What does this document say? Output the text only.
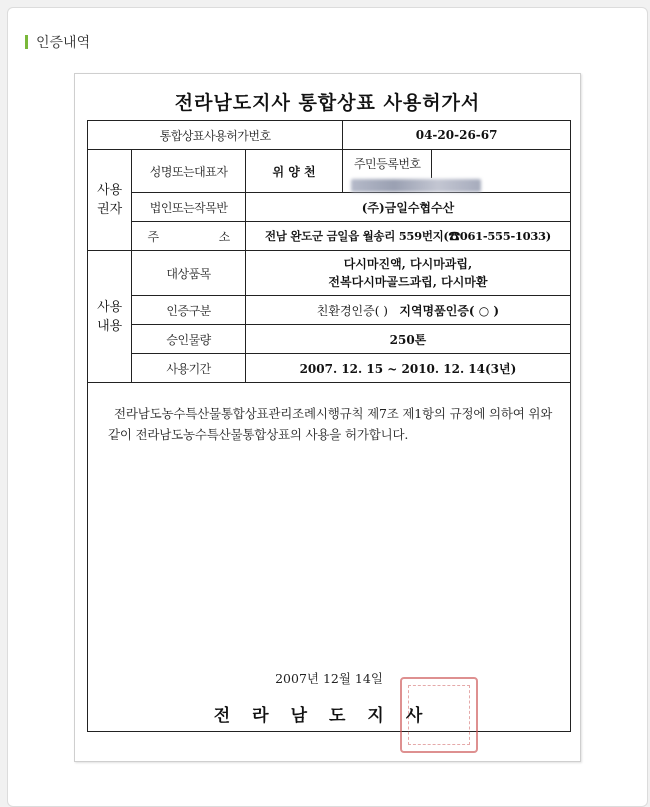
인증내역
전라남도지사 통합상표 사용허가서
통합상표사용허가번호			04-20-26-67
사용
권자	성명또는대표자	위 양 천	주민등록번호
	법인또는작목반	(주)금일수협수산	
	주 소	전남 완도군 금일읍 월송리 559번지(☎061-555-1033)	
사용
내용	대상품목	다시마진액, 다시마과립,
전복다시마골드과립, 다시마환	
	인증구분	친환경인증( ) 지역명품인증( ○ )	
	승인물량	250톤	
	사용기간	2007. 12. 15 ~ 2010. 12. 14(3년)	
전라남도농수특산물통합상표관리조례시행규칙 제7조 제1항의 규정에 의하여 위와 같이 전라남도농수특산물통합상표의 사용을 허가합니다.
2007년 12월 14일
전라남도지사
